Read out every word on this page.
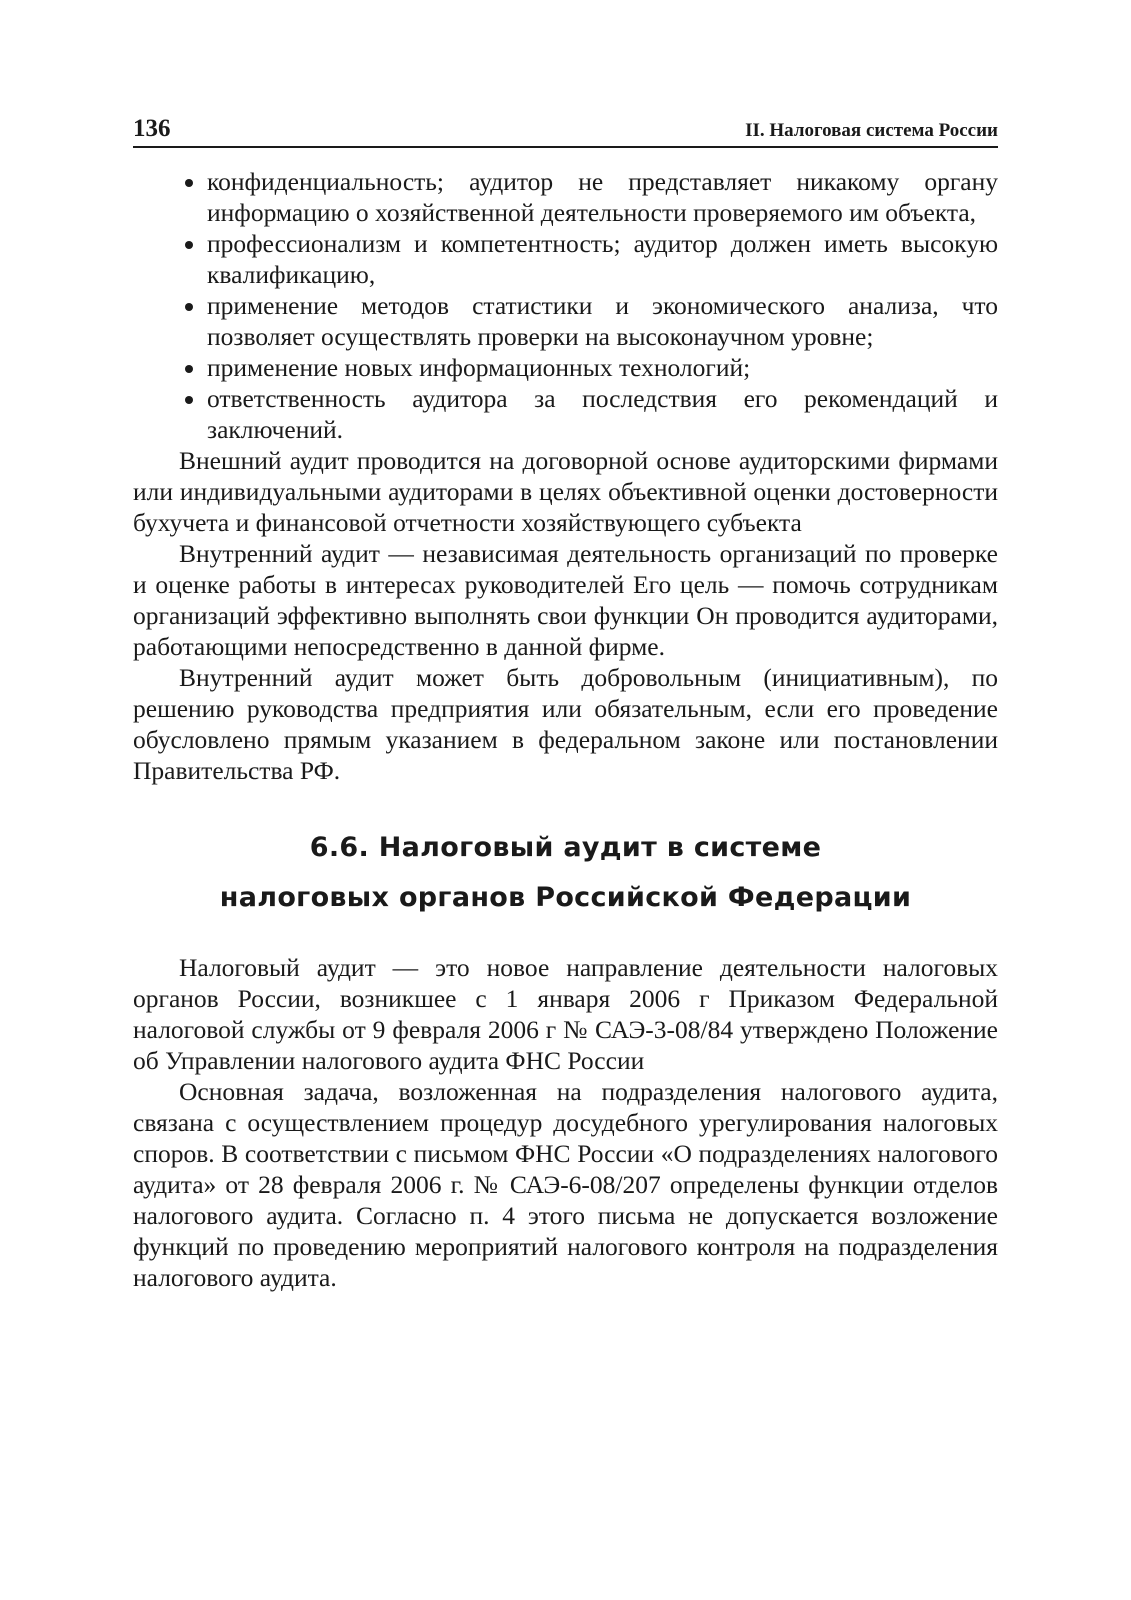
136	II. Налоговая система России
конфиденциальность; аудитор не представляет никакому органу информацию о хозяйственной деятельности проверяемого им объекта,
профессионализм и компетентность; аудитор должен иметь высокую квалификацию,
применение методов статистики и экономического анализа, что позволяет осуществлять проверки на высоконаучном уровне;
применение новых информационных технологий;
ответственность аудитора за последствия его рекомендаций и заключений.

Внешний аудит проводится на договорной основе аудиторскими фирмами или индивидуальными аудиторами в целях объективной оценки достоверности бухучета и финансовой отчетности хозяйствующего субъекта

Внутренний аудит — независимая деятельность организаций по проверке и оценке работы в интересах руководителей Его цель — помочь сотрудникам организаций эффективно выполнять свои функции Он проводится аудиторами, работающими непосредственно в данной фирме.

Внутренний аудит может быть добровольным (инициативным), по решению руководства предприятия или обязательным, если его проведение обусловлено прямым указанием в федеральном законе или постановлении Правительства РФ.

6.6. Налоговый аудит в системе
налоговых органов Российской Федерации

Налоговый аудит — это новое направление деятельности налоговых органов России, возникшее с 1 января 2006 г Приказом Федеральной налоговой службы от 9 февраля 2006 г № САЭ-3-08/84 утверждено Положение об Управлении налогового аудита ФНС России

Основная задача, возложенная на подразделения налогового аудита, связана с осуществлением процедур досудебного урегулирования налоговых споров. В соответствии с письмом ФНС России «О подразделениях налогового аудита» от 28 февраля 2006 г. № САЭ-6-08/207 определены функции отделов налогового аудита. Согласно п. 4 этого письма не допускается возложение функций по проведению мероприятий налогового контроля на подразделения налогового аудита.
